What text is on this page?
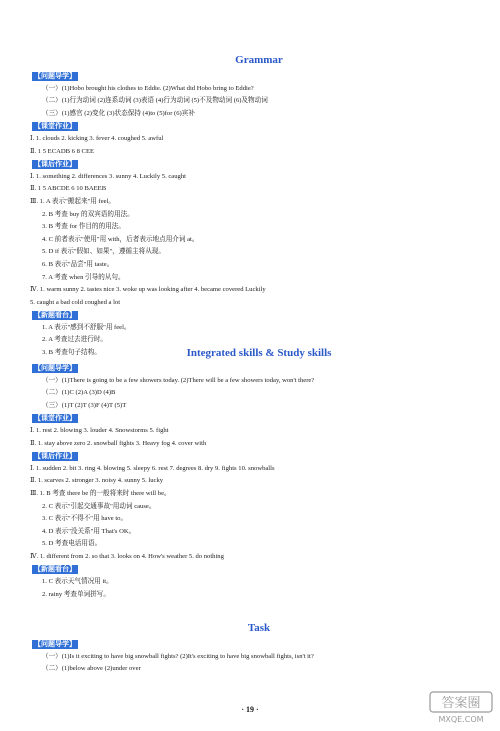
Grammar
【问题导学】
（一）(1)Hobo brought his clothes to Eddie. (2)What did Hobo bring to Eddie?
（二）(1)行为动词 (2)连系动词 (3)表语 (4)行为动词 (5)不及物动词 (6)及物动词
（三）(1)感官 (2)变化 (3)状态保持 (4)to (5)for (6)宾补
【课堂作业】
Ⅰ. 1. clouds 2. kicking 3. fever 4. coughed 5. awful
Ⅱ. 1 5 ECADB 6 8 CEE
【课后作业】
Ⅰ. 1. something 2. differences 3. sunny 4. Luckily 5. caught
Ⅱ. 1 5 ABCDE 6 10 BAEEB
Ⅲ. 1. A 表示"搬起来"用 feel。
2. B 考查 buy 的双宾语的用法。
3. B 考查 for 作目的的用法。
4. C 前者表示"使用"用 with，后者表示地点用介词 at。
5. D if 表示"假如、如果"，遵循主将从现。
6. B 表示"品尝"用 taste。
7. A 考查 when 引导的从句。
Ⅳ. 1. warm sunny 2. tastes nice 3. woke up was looking after 4. became covered Luckily
5. caught a bad cold coughed a lot
【新题看台】
1. A 表示"感到不舒服"用 feel。
2. A 考查过去进行时。
3. B 考查句子结构。	Integrated skills & Study skills
【问题导学】
（一）(1)There is going to be a few showers today. (2)There will be a few showers today, won't there?
（二）(1)C (2)A (3)D (4)B
（三）(1)T (2)T (3)F (4)T (5)T
【课堂作业】
Ⅰ. 1. rest 2. blowing 3. louder 4. Snowstorms 5. fight
Ⅱ. 1. stay above zero 2. snowball fights 3. Heavy fog 4. cover with
【课后作业】
Ⅰ. 1. sudden 2. bit 3. ring 4. blowing 5. sleepy 6. rest 7. degrees 8. dry 9. fights 10. snowballs
Ⅱ. 1. scarves 2. stronger 3. noisy 4. sunny 5. lucky
Ⅲ. 1. B 考查 there be 的一般将来时 there will be。
2. C 表示"引起交通事故"用动词 cause。
3. C 表示"不得不"用 have to。
4. D 表示"没关系"用 That's OK。
5. D 考查电话用语。
Ⅳ. 1. different from 2. so that 3. looks on 4. How's weather 5. do nothing
【新题看台】
1. C 表示天气情况用 it。
2. rainy 考查单词拼写。
Task
【问题导学】
（一）(1)Is it exciting to have big snowball fights? (2)It's exciting to have big snowball fights, isn't it?
（二）(1)below above (2)under over
· 19 ·	答案圈
MXQE.COM
